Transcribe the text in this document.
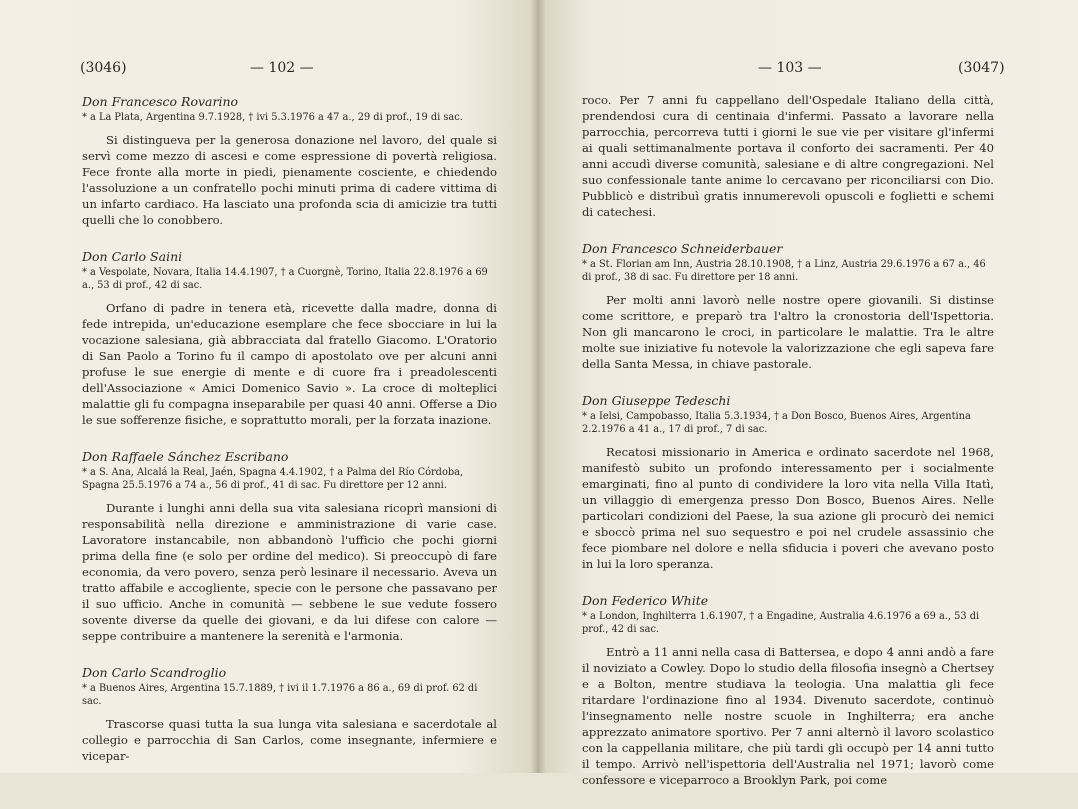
(3046)	— 102 —

Don Francesco Rovarino

* a La Plata, Argentina 9.7.1928, † ivi 5.3.1976 a 47 a., 29 di prof., 19 di sac.

Si distingueva per la generosa donazione nel lavoro, del quale si servì come mezzo di ascesi e come espressione di povertà religiosa. Fece fronte alla morte in piedi, pienamente cosciente, e chiedendo l'assoluzione a un confratello pochi minuti prima di cadere vittima di un infarto cardiaco. Ha lasciato una profonda scia di amicizie tra tutti quelli che lo conobbero.

Don Carlo Saini

* a Vespolate, Novara, Italia 14.4.1907, † a Cuorgnè, Torino, Italia 22.8.1976 a 69 a., 53 di prof., 42 di sac.

Orfano di padre in tenera età, ricevette dalla madre, donna di fede intrepida, un'educazione esemplare che fece sbocciare in lui la vocazione salesiana, già abbracciata dal fratello Giacomo. L'Oratorio di San Paolo a Torino fu il campo di apostolato ove per alcuni anni profuse le sue energie di mente e di cuore fra i preadolescenti dell'Associazione « Amici Domenico Savio ». La croce di molteplici malattie gli fu compagna inseparabile per quasi 40 anni. Offerse a Dio le sue sofferenze fisiche, e soprattutto morali, per la forzata inazione.

Don Raffaele Sánchez Escribano

* a S. Ana, Alcalá la Real, Jaén, Spagna 4.4.1902, † a Palma del Río Córdoba, Spagna 25.5.1976 a 74 a., 56 di prof., 41 di sac. Fu direttore per 12 anni.

Durante i lunghi anni della sua vita salesiana ricoprì mansioni di responsabilità nella direzione e amministrazione di varie case. Lavoratore instancabile, non abbandonò l'ufficio che pochi giorni prima della fine (e solo per ordine del medico). Si preoccupò di fare economia, da vero povero, senza però lesinare il necessario. Aveva un tratto affabile e accogliente, specie con le persone che passavano per il suo ufficio. Anche in comunità — sebbene le sue vedute fossero sovente diverse da quelle dei giovani, e da lui difese con calore — seppe contribuire a mantenere la serenità e l'armonia.

Don Carlo Scandroglio

* a Buenos Aires, Argentina 15.7.1889, † ivi il 1.7.1976 a 86 a., 69 di prof. 62 di sac.

Trascorse quasi tutta la sua lunga vita salesiana e sacerdotale al collegio e parrocchia di San Carlos, come insegnante, infermiere e vicepar-

— 103 —	(3047)

roco. Per 7 anni fu cappellano dell'Ospedale Italiano della città, prendendosi cura di centinaia d'infermi. Passato a lavorare nella parrocchia, percorreva tutti i giorni le sue vie per visitare gl'infermi ai quali settimanalmente portava il conforto dei sacramenti. Per 40 anni accudì diverse comunità, salesiane e di altre congregazioni. Nel suo confessionale tante anime lo cercavano per riconciliarsi con Dio. Pubblicò e distribuì gratis innumerevoli opuscoli e foglietti e schemi di catechesi.

Don Francesco Schneiderbauer

* a St. Florian am Inn, Austria 28.10.1908, † a Linz, Austria 29.6.1976 a 67 a., 46 di prof., 38 di sac. Fu direttore per 18 anni.

Per molti anni lavorò nelle nostre opere giovanili. Si distinse come scrittore, e preparò tra l'altro la cronostoria dell'Ispettoria. Non gli mancarono le croci, in particolare le malattie. Tra le altre molte sue iniziative fu notevole la valorizzazione che egli sapeva fare della Santa Messa, in chiave pastorale.

Don Giuseppe Tedeschi

* a Ielsi, Campobasso, Italia 5.3.1934, † a Don Bosco, Buenos Aires, Argentina 2.2.1976 a 41 a., 17 di prof., 7 di sac.

Recatosi missionario in America e ordinato sacerdote nel 1968, manifestò subito un profondo interessamento per i socialmente emarginati, fino al punto di condividere la loro vita nella Villa Itatì, un villaggio di emergenza presso Don Bosco, Buenos Aires. Nelle particolari condizioni del Paese, la sua azione gli procurò dei nemici e sboccò prima nel suo sequestro e poi nel crudele assassinio che fece piombare nel dolore e nella sfiducia i poveri che avevano posto in lui la loro speranza.

Don Federico White

* a London, Inghilterra 1.6.1907, † a Engadine, Australia 4.6.1976 a 69 a., 53 di prof., 42 di sac.

Entrò a 11 anni nella casa di Battersea, e dopo 4 anni andò a fare il noviziato a Cowley. Dopo lo studio della filosofia insegnò a Chertsey e a Bolton, mentre studiava la teologia. Una malattia gli fece ritardare l'ordinazione fino al 1934. Divenuto sacerdote, continuò l'insegnamento nelle nostre scuole in Inghilterra; era anche apprezzato animatore sportivo. Per 7 anni alternò il lavoro scolastico con la cappellania militare, che più tardi gli occupò per 14 anni tutto il tempo. Arrivò nell'ispettoria dell'Australia nel 1971; lavorò come confessore e viceparroco a Brooklyn Park, poi come
